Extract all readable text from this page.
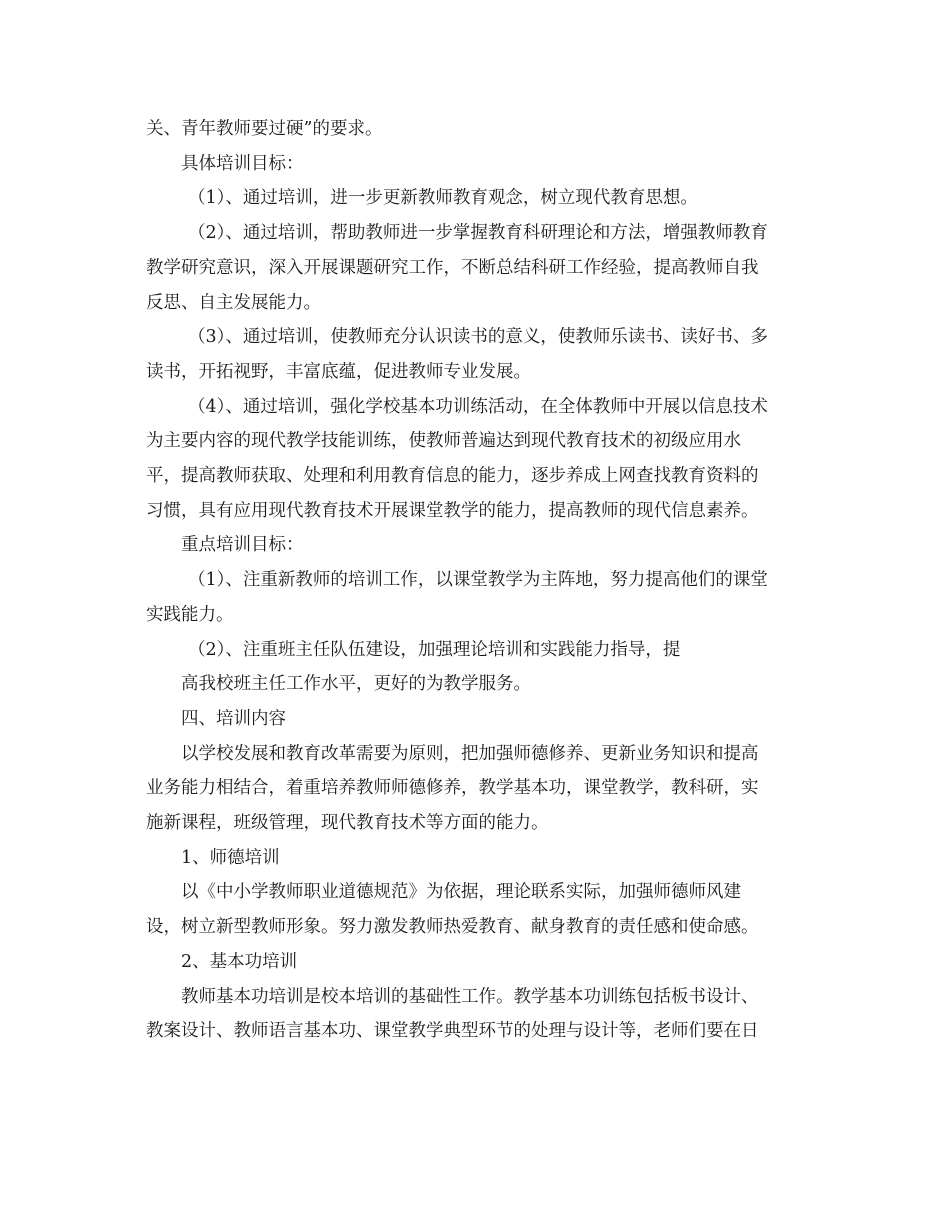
关、青年教师要过硬”的要求。

具体培训目标：

（1）、通过培训，进一步更新教师教育观念，树立现代教育思想。

（2）、通过培训，帮助教师进一步掌握教育科研理论和方法，增强教师教育

教学研究意识，深入开展课题研究工作，不断总结科研工作经验，提高教师自我

反思、自主发展能力。

（3）、通过培训，使教师充分认识读书的意义，使教师乐读书、读好书、多

读书，开拓视野，丰富底蕴，促进教师专业发展。

（4）、通过培训，强化学校基本功训练活动，在全体教师中开展以信息技术

为主要内容的现代教学技能训练，使教师普遍达到现代教育技术的初级应用水

平，提高教师获取、处理和利用教育信息的能力，逐步养成上网查找教育资料的

习惯，具有应用现代教育技术开展课堂教学的能力，提高教师的现代信息素养。

重点培训目标：

（1）、注重新教师的培训工作，以课堂教学为主阵地，努力提高他们的课堂

实践能力。

（2）、注重班主任队伍建设，加强理论培训和实践能力指导，提

高我校班主任工作水平，更好的为教学服务。

四、培训内容

以学校发展和教育改革需要为原则，把加强师德修养、更新业务知识和提高

业务能力相结合，着重培养教师师德修养，教学基本功，课堂教学，教科研，实

施新课程，班级管理，现代教育技术等方面的能力。

1、师德培训

以《中小学教师职业道德规范》为依据，理论联系实际，加强师德师风建

设，树立新型教师形象。努力激发教师热爱教育、献身教育的责任感和使命感。

2、基本功培训

教师基本功培训是校本培训的基础性工作。教学基本功训练包括板书设计、

教案设计、教师语言基本功、课堂教学典型环节的处理与设计等，老师们要在日
